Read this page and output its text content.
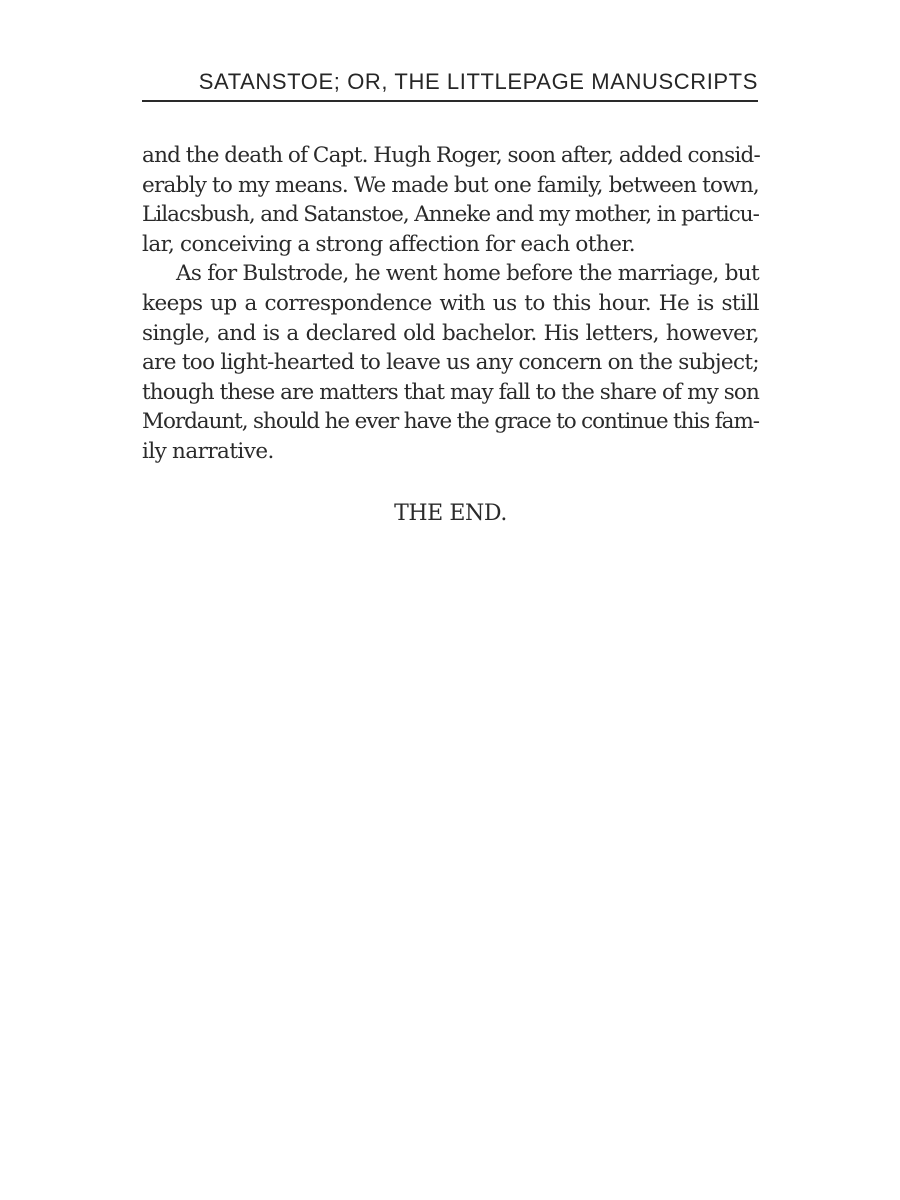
SATANSTOE; OR, THE LITTLEPAGE MANUSCRIPTS
and the death of Capt. Hugh Roger, soon after, added consid-
erably to my means. We made but one family, between town,
Lilacsbush, and Satanstoe, Anneke and my mother, in particu-
lar, conceiving a strong affection for each other.
As for Bulstrode, he went home before the marriage, but
keeps up a correspondence with us to this hour. He is still
single, and is a declared old bachelor. His letters, however,
are too light-hearted to leave us any concern on the subject;
though these are matters that may fall to the share of my son
Mordaunt, should he ever have the grace to continue this fam-
ily narrative.
THE END.
